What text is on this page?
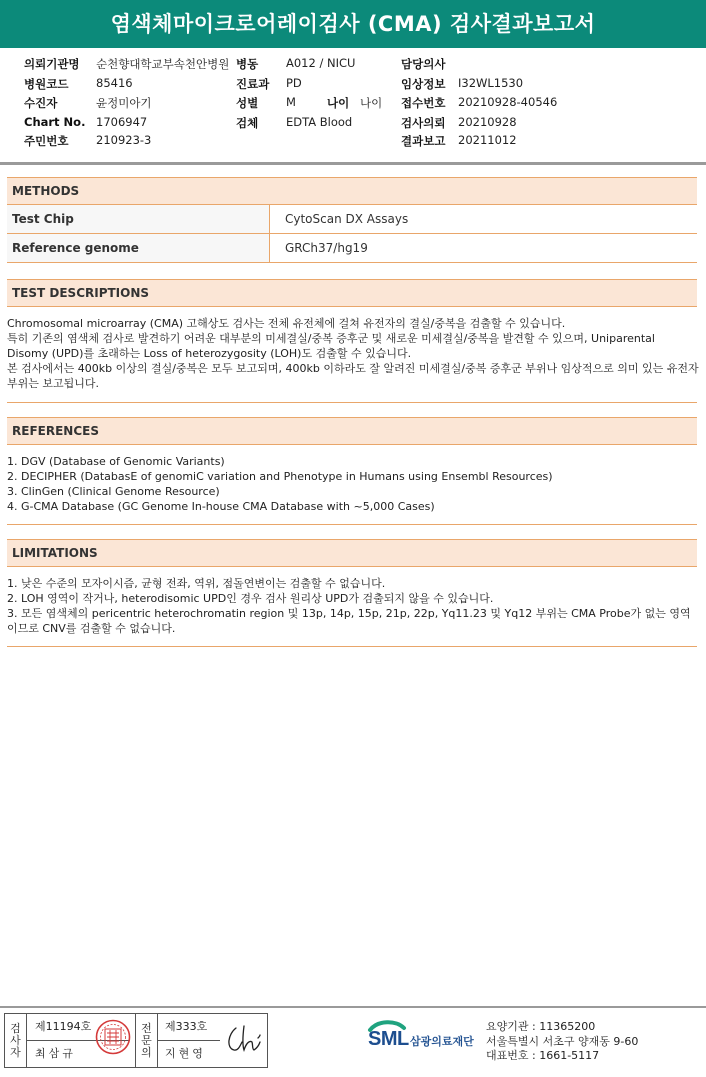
염색체마이크로어레이검사 (CMA) 검사결과보고서
의뢰기관명 순천향대학교부속천안병원 병동 A012 / NICU	담당의사
병원코드 85416	진료과 PD	임상정보 I32WL1530
수진자	윤정미아기	성별 M	나이 나이 접수번호 20210928-40546
Chart No. 1706947	검체 EDTA Blood	검사의뢰 20210928
주민번호 210923-3	결과보고 20211012
METHODS
Test Chip	CytoScan DX Assays
Reference genome	GRCh37/hg19
TEST DESCRIPTIONS

Chromosomal microarray (CMA) 고해상도 검사는 전체 유전체에 걸쳐 유전자의 결실/중복을 검출할 수 있습니다.

특히 기존의 염색체 검사로 발견하기 어려운 대부분의 미세결실/중복 증후군 및 새로운 미세결실/중복을 발견할 수 있으며, Uniparental Disomy (UPD)를 초래하는 Loss of heterozygosity (LOH)도 검출할 수 있습니다.

본 검사에서는 400kb 이상의 결실/중복은 모두 보고되며, 400kb 이하라도 잘 알려진 미세결실/중복 증후군 부위나 임상적으로 의미 있는 유전자 부위는 보고됩니다.

REFERENCES

1. DGV (Database of Genomic Variants)

2. DECIPHER (DatabasE of genomiC variation and Phenotype in Humans using Ensembl Resources)

3. ClinGen (Clinical Genome Resource)

4. G-CMA Database (GC Genome In-house CMA Database with ~5,000 Cases)

LIMITATIONS

1. 낮은 수준의 모자이시즘, 균형 전좌, 역위, 점돌연변이는 검출할 수 없습니다.

2. LOH 영역이 작거나, heterodisomic UPD인 경우 검사 원리상 UPD가 검출되지 않을 수 있습니다.

3. 모든 염색체의 pericentric heterochromatin region 및 13p, 14p, 15p, 21p, 22p, Yq11.23 및 Yq12 부위는 CMA Probe가 없는 영역이므로 CNV를 검출할 수 없습니다.

검사자
제11194호
최삼규
전문의
제333호
지현영
SML 삼광의료재단
요양기관 : 11365200
서울특별시 서초구 양재동 9-60
대표번호 : 1661-5117
